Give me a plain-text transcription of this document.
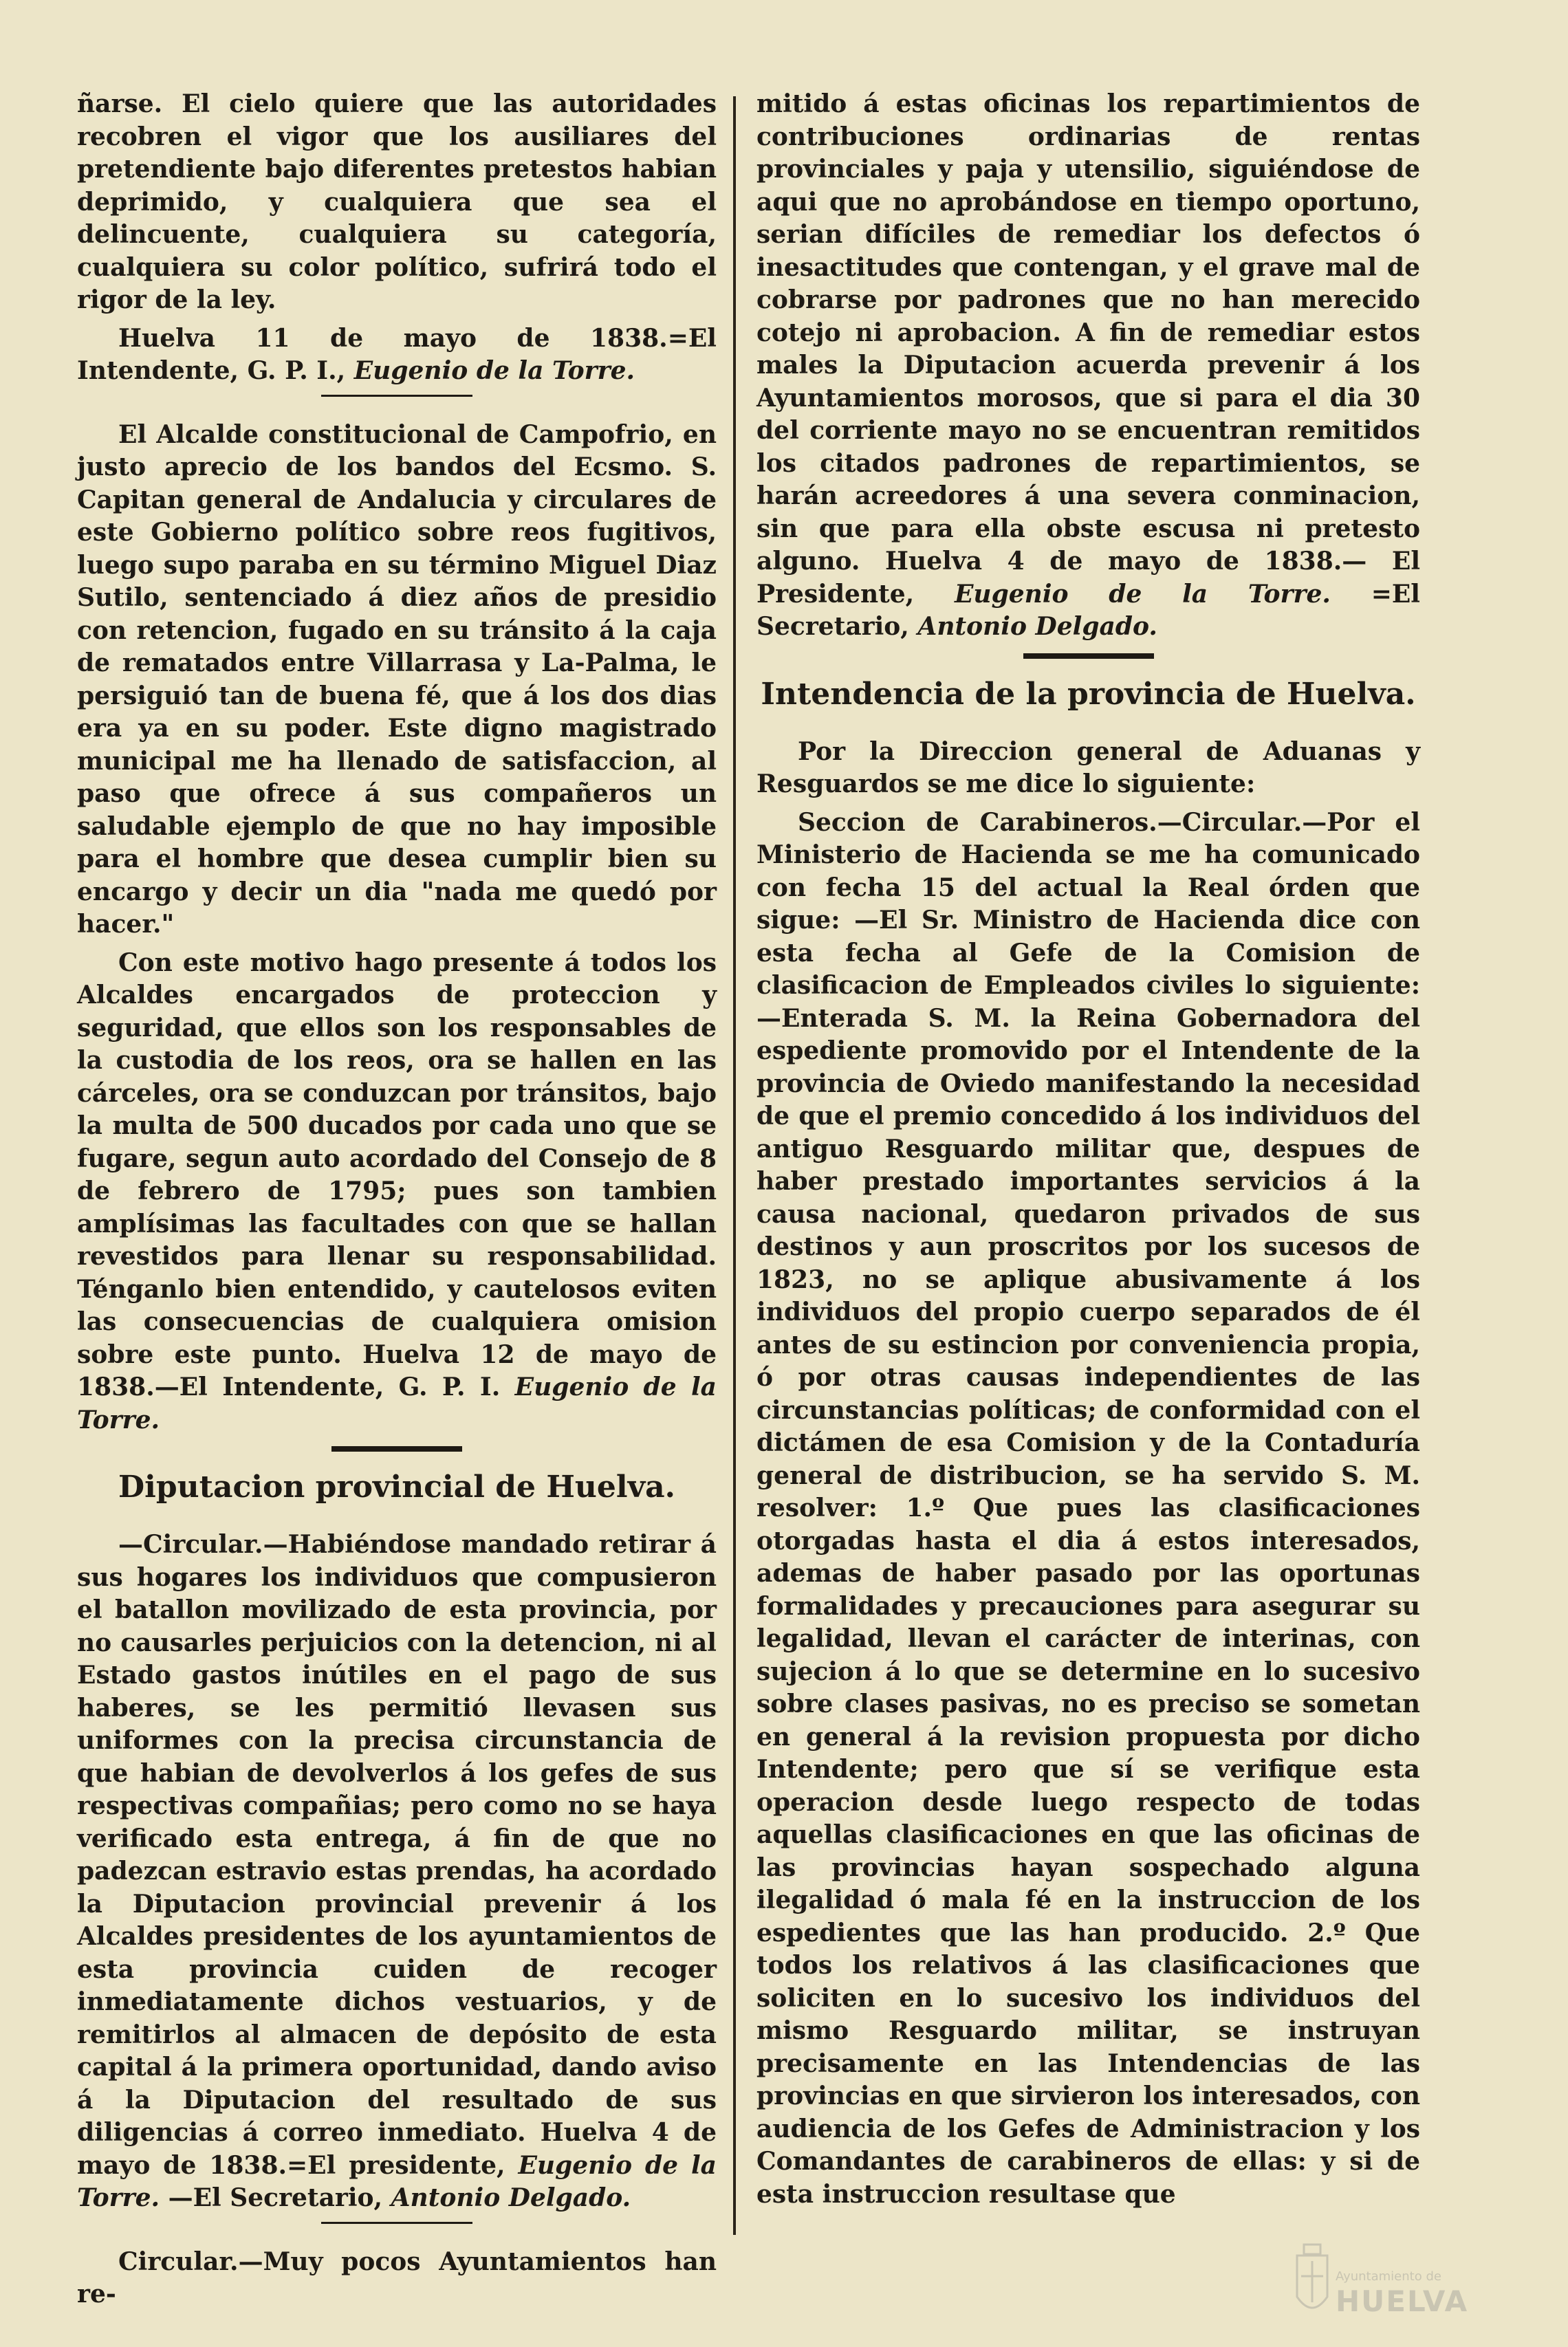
ñarse. El cielo quiere que las autoridades recobren el vigor que los ausiliares del pretendiente bajo diferentes pretestos habian deprimido, y cualquiera que sea el delincuente, cualquiera su categoría, cualquiera su color político, sufrirá todo el rigor de la ley.

Huelva 11 de mayo de 1838.=El Intendente, G. P. I., Eugenio de la Torre.

El Alcalde constitucional de Campofrio, en justo aprecio de los bandos del Ecsmo. S. Capitan general de Andalucia y circulares de este Gobierno político sobre reos fugitivos, luego supo paraba en su término Miguel Diaz Sutilo, sentenciado á diez años de presidio con retencion, fugado en su tránsito á la caja de rematados entre Villarrasa y La-Palma, le persiguió tan de buena fé, que á los dos dias era ya en su poder. Este digno magistrado municipal me ha llenado de satisfaccion, al paso que ofrece á sus compañeros un saludable ejemplo de que no hay imposible para el hombre que desea cumplir bien su encargo y decir un dia "nada me quedó por hacer."

Con este motivo hago presente á todos los Alcaldes encargados de proteccion y seguridad, que ellos son los responsables de la custodia de los reos, ora se hallen en las cárceles, ora se conduzcan por tránsitos, bajo la multa de 500 ducados por cada uno que se fugare, segun auto acordado del Consejo de 8 de febrero de 1795; pues son tambien amplísimas las facultades con que se hallan revestidos para llenar su responsabilidad. Ténganlo bien entendido, y cautelosos eviten las consecuencias de cualquiera omision sobre este punto. Huelva 12 de mayo de 1838.—El Intendente, G. P. I. Eugenio de la Torre.

Diputacion provincial de Huelva.

—Circular.—Habiéndose mandado retirar á sus hogares los individuos que compusieron el batallon movilizado de esta provincia, por no causarles perjuicios con la detencion, ni al Estado gastos inútiles en el pago de sus haberes, se les permitió llevasen sus uniformes con la precisa circunstancia de que habian de devolverlos á los gefes de sus respectivas compañias; pero como no se haya verificado esta entrega, á fin de que no padezcan estravio estas prendas, ha acordado la Diputacion provincial prevenir á los Alcaldes presidentes de los ayuntamientos de esta provincia cuiden de recoger inmediatamente dichos vestuarios, y de remitirlos al almacen de depósito de esta capital á la primera oportunidad, dando aviso á la Diputacion del resultado de sus diligencias á correo inmediato. Huelva 4 de mayo de 1838.=El presidente, Eugenio de la Torre. —El Secretario, Antonio Delgado.

Circular.—Muy pocos Ayuntamientos han re-

mitido á estas oficinas los repartimientos de contribuciones ordinarias de rentas provinciales y paja y utensilio, siguiéndose de aqui que no aprobándose en tiempo oportuno, serian difíciles de remediar los defectos ó inesactitudes que contengan, y el grave mal de cobrarse por padrones que no han merecido cotejo ni aprobacion. A fin de remediar estos males la Diputacion acuerda prevenir á los Ayuntamientos morosos, que si para el dia 30 del corriente mayo no se encuentran remitidos los citados padrones de repartimientos, se harán acreedores á una severa conminacion, sin que para ella obste escusa ni pretesto alguno. Huelva 4 de mayo de 1838.— El Presidente, Eugenio de la Torre. =El Secretario, Antonio Delgado.

Intendencia de la provincia de Huelva.

Por la Direccion general de Aduanas y Resguardos se me dice lo siguiente:

Seccion de Carabineros.—Circular.—Por el Ministerio de Hacienda se me ha comunicado con fecha 15 del actual la Real órden que sigue: —El Sr. Ministro de Hacienda dice con esta fecha al Gefe de la Comision de clasificacion de Empleados civiles lo siguiente:—Enterada S. M. la Reina Gobernadora del espediente promovido por el Intendente de la provincia de Oviedo manifestando la necesidad de que el premio concedido á los individuos del antiguo Resguardo militar que, despues de haber prestado importantes servicios á la causa nacional, quedaron privados de sus destinos y aun proscritos por los sucesos de 1823, no se aplique abusivamente á los individuos del propio cuerpo separados de él antes de su estincion por conveniencia propia, ó por otras causas independientes de las circunstancias políticas; de conformidad con el dictámen de esa Comision y de la Contaduría general de distribucion, se ha servido S. M. resolver: 1.º Que pues las clasificaciones otorgadas hasta el dia á estos interesados, ademas de haber pasado por las oportunas formalidades y precauciones para asegurar su legalidad, llevan el carácter de interinas, con sujecion á lo que se determine en lo sucesivo sobre clases pasivas, no es preciso se sometan en general á la revision propuesta por dicho Intendente; pero que sí se verifique esta operacion desde luego respecto de todas aquellas clasificaciones en que las oficinas de las provincias hayan sospechado alguna ilegalidad ó mala fé en la instruccion de los espedientes que las han producido. 2.º Que todos los relativos á las clasificaciones que soliciten en lo sucesivo los individuos del mismo Resguardo militar, se instruyan precisamente en las Intendencias de las provincias en que sirvieron los interesados, con audiencia de los Gefes de Administracion y los Comandantes de carabineros de ellas: y si de esta instruccion resultase que

Ayuntamiento de
HUELVA
